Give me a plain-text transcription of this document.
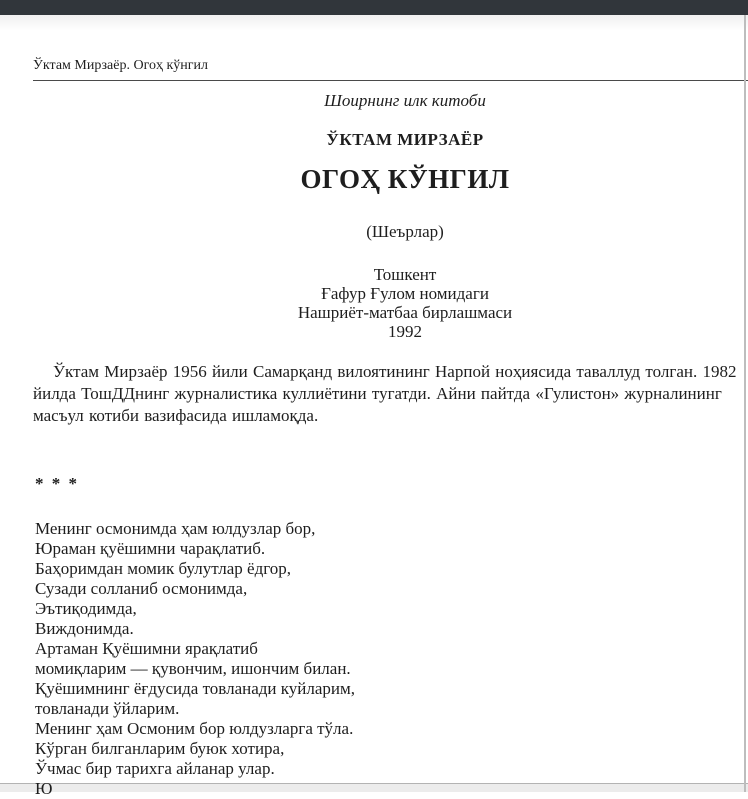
Ўктам Мирзаёр. Огоҳ кўнгил
Шоирнинг илк китоби
ЎКТАМ МИРЗАЁР
ОГОҲ КЎНГИЛ
(Шеърлар)
Тошкент
Ғафур Ғулом номидаги
Нашриёт-матбаа бирлашмаси
1992
Ўктам Мирзаёр 1956 йили Самарқанд вилоятининг Нарпой ноҳиясида таваллуд толган. 1982
йилда ТошДДнинг журналистика куллиётини тугатди. Айни пайтда «Гулистон» журналининг
масъул котиби вазифасида ишламоқда.
* * *
Менинг осмонимда ҳам юлдузлар бор,
Юраман қуёшимни чарақлатиб.
Баҳоримдан момик булутлар ёдгор,
Сузади солланиб осмонимда,
Эътиқодимда,
Виждонимда.
Артаман Қуёшимни ярақлатиб
момиқларим — қувончим, ишончим билан.
Қуёшимнинг ёғдусида товланади куйларим,
товланади ўйларим.
Менинг ҳам Осмоним бор юлдузларга тўла.
Кўрган билганларим буюк хотира,
Ўчмас бир тарихга айланар улар.
Ю
